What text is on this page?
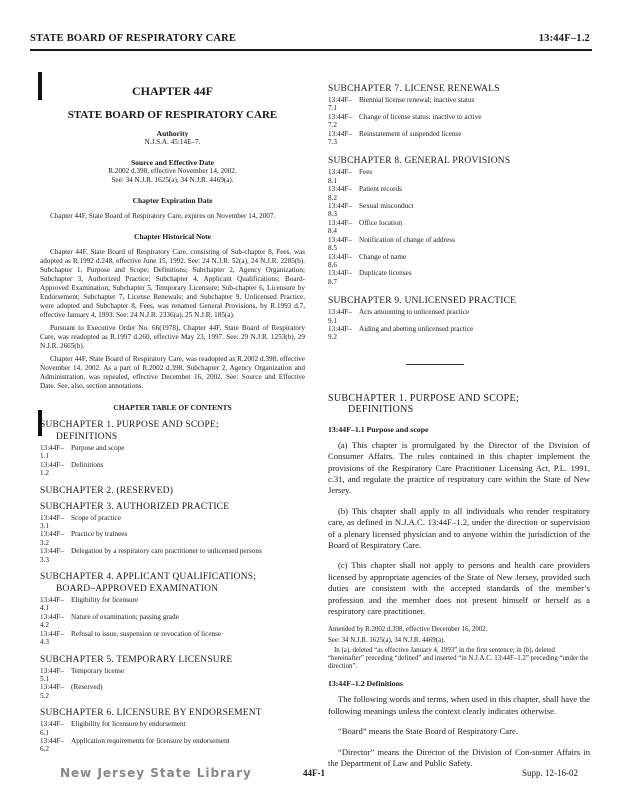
STATE BOARD OF RESPIRATORY CARE	13:44F–1.2
CHAPTER 44F
STATE BOARD OF RESPIRATORY CARE

Authority

N.J.S.A. 45:14E–7.

Source and Effective Date

R.2002 d.398, effective November 14, 2002.

See: 34 N.J.R. 1625(a), 34 N.J.R. 4469(a).

Chapter Expiration Date

Chapter 44F, State Board of Respiratory Care, expires on November 14, 2007.

Chapter Historical Note

Chapter 44F, State Board of Respiratory Care, consisting of Sub-chapter 8, Fees, was adopted as R.1992 d.248, effective June 15, 1992. See: 24 N.J.R. 52(a), 24 N.J.R. 2285(b). Subchapter 1, Purpose and Scope; Definitions; Subchapter 2, Agency Organization; Subchapter 3, Authorized Practice; Subchapter 4, Applicant Qualifications; Board-Approved Examination; Subchapter 5, Temporary Licensure; Sub-chapter 6, Licensure by Endorsement; Subchapter 7, License Renewals; and Subchapter 9, Unlicensed Practice, were adopted and Subchapter 8, Fees, was renamed General Provisions, by R.1993 d.7, effective January 4, 1993. See: 24 N.J.R. 2336(a), 25 N.J.R. 185(a).

Pursuant to Executive Order No. 66(1978), Chapter 44F, State Board of Respiratory Care, was readopted as R.1997 d.260, effective May 23, 1997. See: 29 N.J.R. 1253(b), 29 N.J.R. 2665(b).

Chapter 44F, State Board of Respiratory Care, was readopted as R.2002 d.398, effective November 14, 2002. As a part of R.2002 d.398, Subchapter 2, Agency Organization and Administration, was repealed, effective December 16, 2002. See: Source and Effective Date. See, also, section annotations.

CHAPTER TABLE OF CONTENTS
SUBCHAPTER 1. PURPOSE AND SCOPE;
DEFINITIONS
13:44F–1.1
Purpose and scope
13:44F–1.2
Definitions
SUBCHAPTER 2. (RESERVED)
SUBCHAPTER 3. AUTHORIZED PRACTICE
13:44F–3.1
Scope of practice
13:44F–3.2
Practice by trainees
13:44F–3.3
Delegation by a respiratory care practitioner to unlicensed persons
SUBCHAPTER 4. APPLICANT QUALIFICATIONS;
BOARD–APPROVED EXAMINATION
13:44F–4.1
Eligibility for licensure
13:44F–4.2
Nature of examination; passing grade
13:44F–4.3
Refusal to issue, suspension or revocation of license
SUBCHAPTER 5. TEMPORARY LICENSURE
13:44F–5.1
Temporary license
13:44F–5.2
(Reserved)
SUBCHAPTER 6. LICENSURE BY ENDORSEMENT
13:44F–6.1
Eligibility for licensure by endorsement
13:44F–6.2
Application requirements for licensure by endorsement
SUBCHAPTER 7. LICENSE RENEWALS
13:44F–7.1
Biennial license renewal; inactive status
13:44F–7.2
Change of license status: inactive to active
13:44F–7.3
Reinstatement of suspended license
SUBCHAPTER 8. GENERAL PROVISIONS
13:44F–8.1
Fees
13:44F–8.2
Patient records
13:44F–8.3
Sexual misconduct
13:44F–8.4
Office location
13:44F–8.5
Notification of change of address
13:44F–8.6
Change of name
13:44F–8.7
Duplicate licenses
SUBCHAPTER 9. UNLICENSED PRACTICE
13:44F–9.1
Acts amounting to unlicensed practice
13:44F–9.2
Aiding and abetting unlicensed practice
SUBCHAPTER 1. PURPOSE AND SCOPE;
DEFINITIONS
13:44F–1.1 Purpose and scope

(a) This chapter is promulgated by the Director of the Division of Consumer Affairs. The rules contained in this chapter implement the provisions of the Respiratory Care Practitioner Licensing Act, P.L. 1991, c.31, and regulate the practice of respiratory care within the State of New Jersey.

(b) This chapter shall apply to all individuals who render respiratory care, as defined in N.J.A.C. 13:44F–1.2, under the direction or supervision of a plenary licensed physician and to anyone within the jurisdiction of the Board of Respiratory Care.

(c) This chapter shall not apply to persons and health care providers licensed by appropriate agencies of the State of New Jersey, provided such duties are consistent with the accepted standards of the member’s profession and the member does not present himself or herself as a respiratory care practitioner.

Amended by R.2002 d.398, effective December 16, 2002.

See: 34 N.J.R. 1625(a), 34 N.J.R. 4469(a).

In (a), deleted “as effective January 4, 1993” in the first sentence; in (b), deleted “hereinafter” preceding “defined” and inserted “in N.J.A.C. 13:44F–1.2” preceding “under the direction”.

13:44F–1.2 Definitions

The following words and terms, when used in this chapter, shall have the following meanings unless the context clearly indicates otherwise.

“Board” means the State Board of Respiratory Care.

“Director” means the Director of the Division of Con-sumer Affairs in the Department of Law and Public Safety.

New Jersey State Library	44F-1	Supp. 12-16-02
